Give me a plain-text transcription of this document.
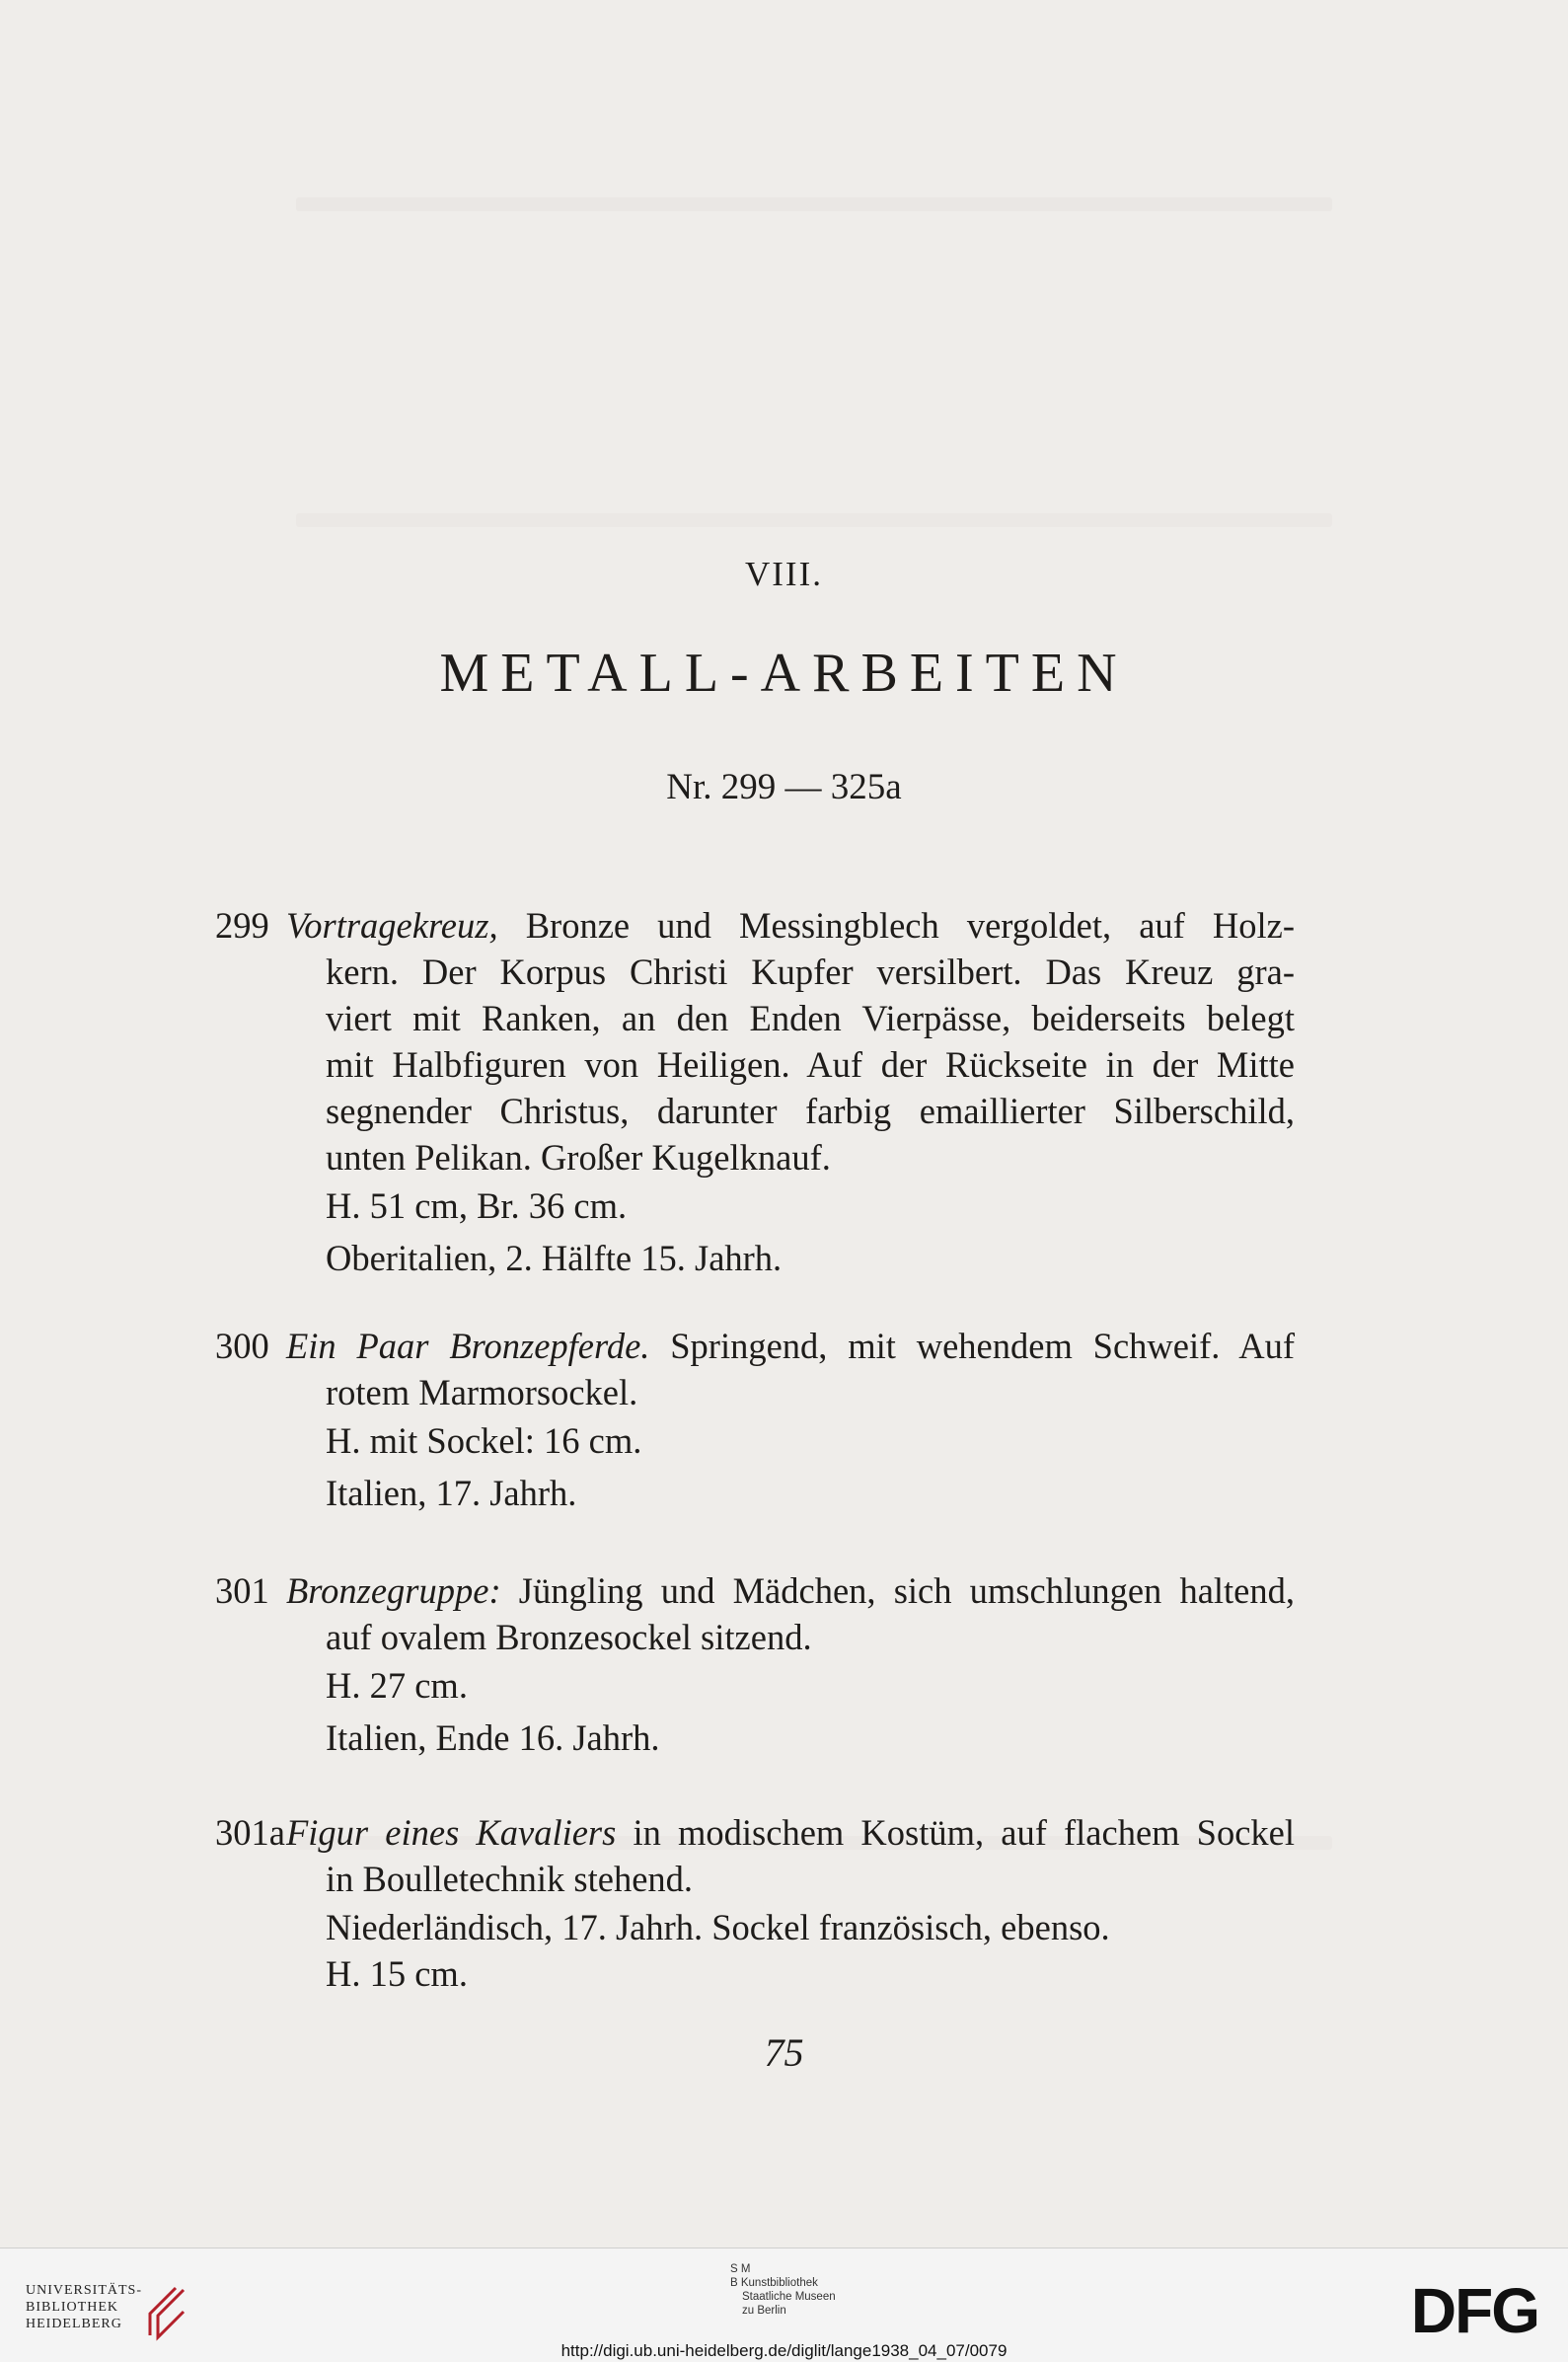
VIII.
METALL-ARBEITEN
Nr. 299 — 325a
299 Vortragekreuz, Bronze und Messingblech vergoldet, auf Holz-
kern. Der Korpus Christi Kupfer versilbert. Das Kreuz gra-
viert mit Ranken, an den Enden Vierpässe, beiderseits belegt
mit Halbfiguren von Heiligen. Auf der Rückseite in der Mitte
segnender Christus, darunter farbig emaillierter Silberschild,
unten Pelikan. Großer Kugelknauf.
H. 51 cm, Br. 36 cm.
Oberitalien, 2. Hälfte 15. Jahrh.
300 Ein Paar Bronzepferde. Springend, mit wehendem Schweif. Auf
rotem Marmorsockel.
H. mit Sockel: 16 cm.
Italien, 17. Jahrh.
301 Bronzegruppe: Jüngling und Mädchen, sich umschlungen haltend,
auf ovalem Bronzesockel sitzend.
H. 27 cm.
Italien, Ende 16. Jahrh.
301a Figur eines Kavaliers in modischem Kostüm, auf flachem Sockel
in Boulletechnik stehend.
Niederländisch, 17. Jahrh. Sockel französisch, ebenso.
H. 15 cm.
75
UNIVERSITÄTS-
BIBLIOTHEK
HEIDELBERG
S M
B Kunstbibliothek
Staatliche Museen
zu Berlin	DFG
http://digi.ub.uni-heidelberg.de/diglit/lange1938_04_07/0079
